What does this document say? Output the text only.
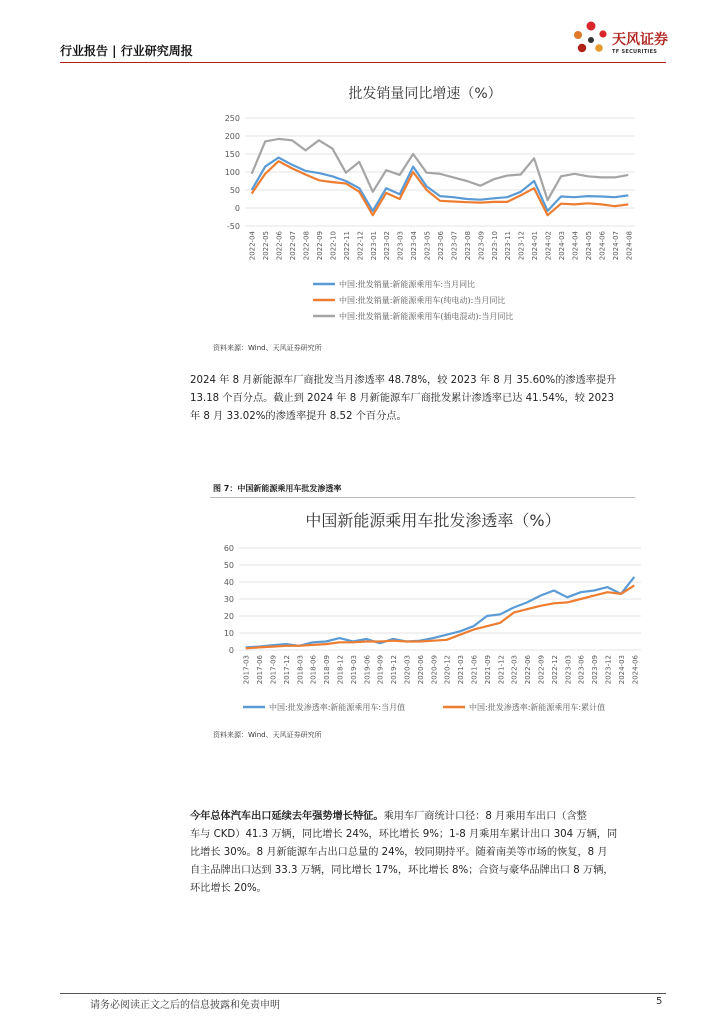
行业报告 | 行业研究周报
天风证券
TF SECURITIES
批发销量同比增速（%）
250
200
150
100
50
0
-50
2022-04 2022-05 2022-06 2022-07 2022-08 2022-09 2022-10 2022-11 2022-12 2023-01 2023-02 2023-03 2023-04 2023-05 2023-06 2023-07 2023-08 2023-09 2023-10 2023-11 2023-12 2024-01 2024-02 2024-03 2024-04 2024-05 2024-06 2024-07 2024-08
中国:批发销量:新能源乘用车:当月同比
中国:批发销量:新能源乘用车(纯电动):当月同比
中国:批发销量:新能源乘用车(插电混动):当月同比
资料来源：Wind、天风证券研究所
2024 年 8 月新能源车厂商批发当月渗透率 48.78%，较 2023 年 8 月 35.60%的渗透率提升
13.18 个百分点。截止到 2024 年 8 月新能源车厂商批发累计渗透率已达 41.54%，较 2023
年 8 月 33.02%的渗透率提升 8.52 个百分点。
图 7：中国新能源乘用车批发渗透率
中国新能源乘用车批发渗透率（%）
60
50
40
30
20
10
0
2017-03 2017-06 2017-09 2017-12 2018-03 2018-06 2018-09 2018-12 2019-03 2019-06 2019-09 2019-12 2020-03 2020-06 2020-09 2020-12 2021-03 2021-06 2021-09 2021-12 2022-03 2022-06 2022-09 2022-12 2023-03 2023-06 2023-09 2023-12 2024-03 2024-06
中国:批发渗透率:新能源乘用车:当月值	中国:批发渗透率:新能源乘用车:累计值
资料来源：Wind、天风证券研究所
今年总体汽车出口延续去年强势增长特征。乘用车厂商统计口径：8 月乘用车出口（含整
车与 CKD）41.3 万辆，同比增长 24%，环比增长 9%；1-8 月乘用车累计出口 304 万辆，同
比增长 30%。8 月新能源车占出口总量的 24%，较同期持平。随着南美等市场的恢复，8 月
自主品牌出口达到 33.3 万辆，同比增长 17%，环比增长 8%；合资与豪华品牌出口 8 万辆，
环比增长 20%。
请务必阅读正文之后的信息披露和免责申明	5
